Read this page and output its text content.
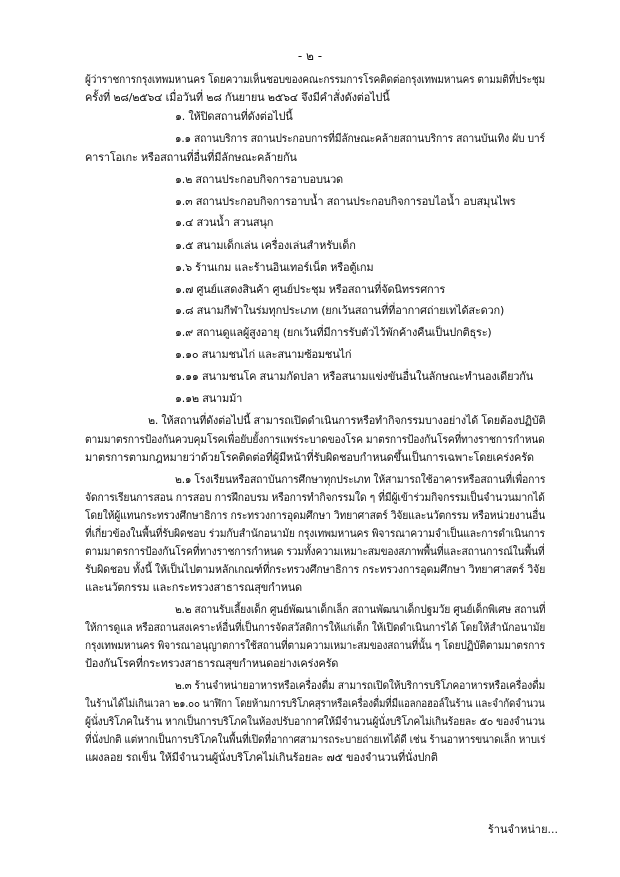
- ๒ -
ผู้ว่าราชการกรุงเทพมหานคร โดยความเห็นชอบของคณะกรรมการโรคติดต่อกรุงเทพมหานคร ตามมติที่ประชุม
ครั้งที่ ๒๘/๒๕๖๔ เมื่อวันที่ ๒๘ กันยายน ๒๕๖๔ จึงมีคำสั่งดังต่อไปนี้
๑. ให้ปิดสถานที่ดังต่อไปนี้
๑.๑ สถานบริการ สถานประกอบการที่มีลักษณะคล้ายสถานบริการ สถานบันเทิง ผับ บาร์
คาราโอเกะ หรือสถานที่อื่นที่มีลักษณะคล้ายกัน
๑.๒ สถานประกอบกิจการอาบอบนวด
๑.๓ สถานประกอบกิจการอาบน้ำ สถานประกอบกิจการอบไอน้ำ อบสมุนไพร
๑.๔ สวนน้ำ สวนสนุก
๑.๕ สนามเด็กเล่น เครื่องเล่นสำหรับเด็ก
๑.๖ ร้านเกม และร้านอินเทอร์เน็ต หรือตู้เกม
๑.๗ ศูนย์แสดงสินค้า ศูนย์ประชุม หรือสถานที่จัดนิทรรศการ
๑.๘ สนามกีฬาในร่มทุกประเภท (ยกเว้นสถานที่ที่อากาศถ่ายเทได้สะดวก)
๑.๙ สถานดูแลผู้สูงอายุ (ยกเว้นที่มีการรับตัวไว้พักค้างคืนเป็นปกติธุระ)
๑.๑๐ สนามชนไก่ และสนามซ้อมชนไก่
๑.๑๑ สนามชนโค สนามกัดปลา หรือสนามแข่งขันอื่นในลักษณะทำนองเดียวกัน
๑.๑๒ สนามม้า
๒. ให้สถานที่ดังต่อไปนี้ สามารถเปิดดำเนินการหรือทำกิจกรรมบางอย่างได้ โดยต้องปฏิบัติ
ตามมาตรการป้องกันควบคุมโรคเพื่อยับยั้งการแพร่ระบาดของโรค มาตรการป้องกันโรคที่ทางราชการกำหนด
มาตรการตามกฎหมายว่าด้วยโรคติดต่อที่ผู้มีหน้าที่รับผิดชอบกำหนดขึ้นเป็นการเฉพาะโดยเคร่งครัด
๒.๑ โรงเรียนหรือสถาบันการศึกษาทุกประเภท ให้สามารถใช้อาคารหรือสถานที่เพื่อการ
จัดการเรียนการสอน การสอบ การฝึกอบรม หรือการทำกิจกรรมใด ๆ ที่มีผู้เข้าร่วมกิจกรรมเป็นจำนวนมากได้
โดยให้ผู้แทนกระทรวงศึกษาธิการ กระทรวงการอุดมศึกษา วิทยาศาสตร์ วิจัยและนวัตกรรม หรือหน่วยงานอื่น
ที่เกี่ยวข้องในพื้นที่รับผิดชอบ ร่วมกับสำนักอนามัย กรุงเทพมหานคร พิจารณาความจำเป็นและการดำเนินการ
ตามมาตรการป้องกันโรคที่ทางราชการกำหนด รวมทั้งความเหมาะสมของสภาพพื้นที่และสถานการณ์ในพื้นที่
รับผิดชอบ ทั้งนี้ ให้เป็นไปตามหลักเกณฑ์ที่กระทรวงศึกษาธิการ กระทรวงการอุดมศึกษา วิทยาศาสตร์ วิจัย
และนวัตกรรม และกระทรวงสาธารณสุขกำหนด
๒.๒ สถานรับเลี้ยงเด็ก ศูนย์พัฒนาเด็กเล็ก สถานพัฒนาเด็กปฐมวัย ศูนย์เด็กพิเศษ สถานที่
ให้การดูแล หรือสถานสงเคราะห์อื่นที่เป็นการจัดสวัสดิการให้แก่เด็ก ให้เปิดดำเนินการได้ โดยให้สำนักอนามัย
กรุงเทพมหานคร พิจารณาอนุญาตการใช้สถานที่ตามความเหมาะสมของสถานที่นั้น ๆ โดยปฏิบัติตามมาตรการ
ป้องกันโรคที่กระทรวงสาธารณสุขกำหนดอย่างเคร่งครัด
๒.๓ ร้านจำหน่ายอาหารหรือเครื่องดื่ม สามารถเปิดให้บริการบริโภคอาหารหรือเครื่องดื่ม
ในร้านได้ไม่เกินเวลา ๒๑.๐๐ นาฬิกา โดยห้ามการบริโภคสุราหรือเครื่องดื่มที่มีแอลกอฮอล์ในร้าน และจำกัดจำนวน
ผู้นั่งบริโภคในร้าน หากเป็นการบริโภคในห้องปรับอากาศให้มีจำนวนผู้นั่งบริโภคไม่เกินร้อยละ ๕๐ ของจำนวน
ที่นั่งปกติ แต่หากเป็นการบริโภคในพื้นที่เปิดที่อากาศสามารถระบายถ่ายเทได้ดี เช่น ร้านอาหารขนาดเล็ก หาบเร่
แผงลอย รถเข็น ให้มีจำนวนผู้นั่งบริโภคไม่เกินร้อยละ ๗๕ ของจำนวนที่นั่งปกติ
ร้านจำหน่าย...
